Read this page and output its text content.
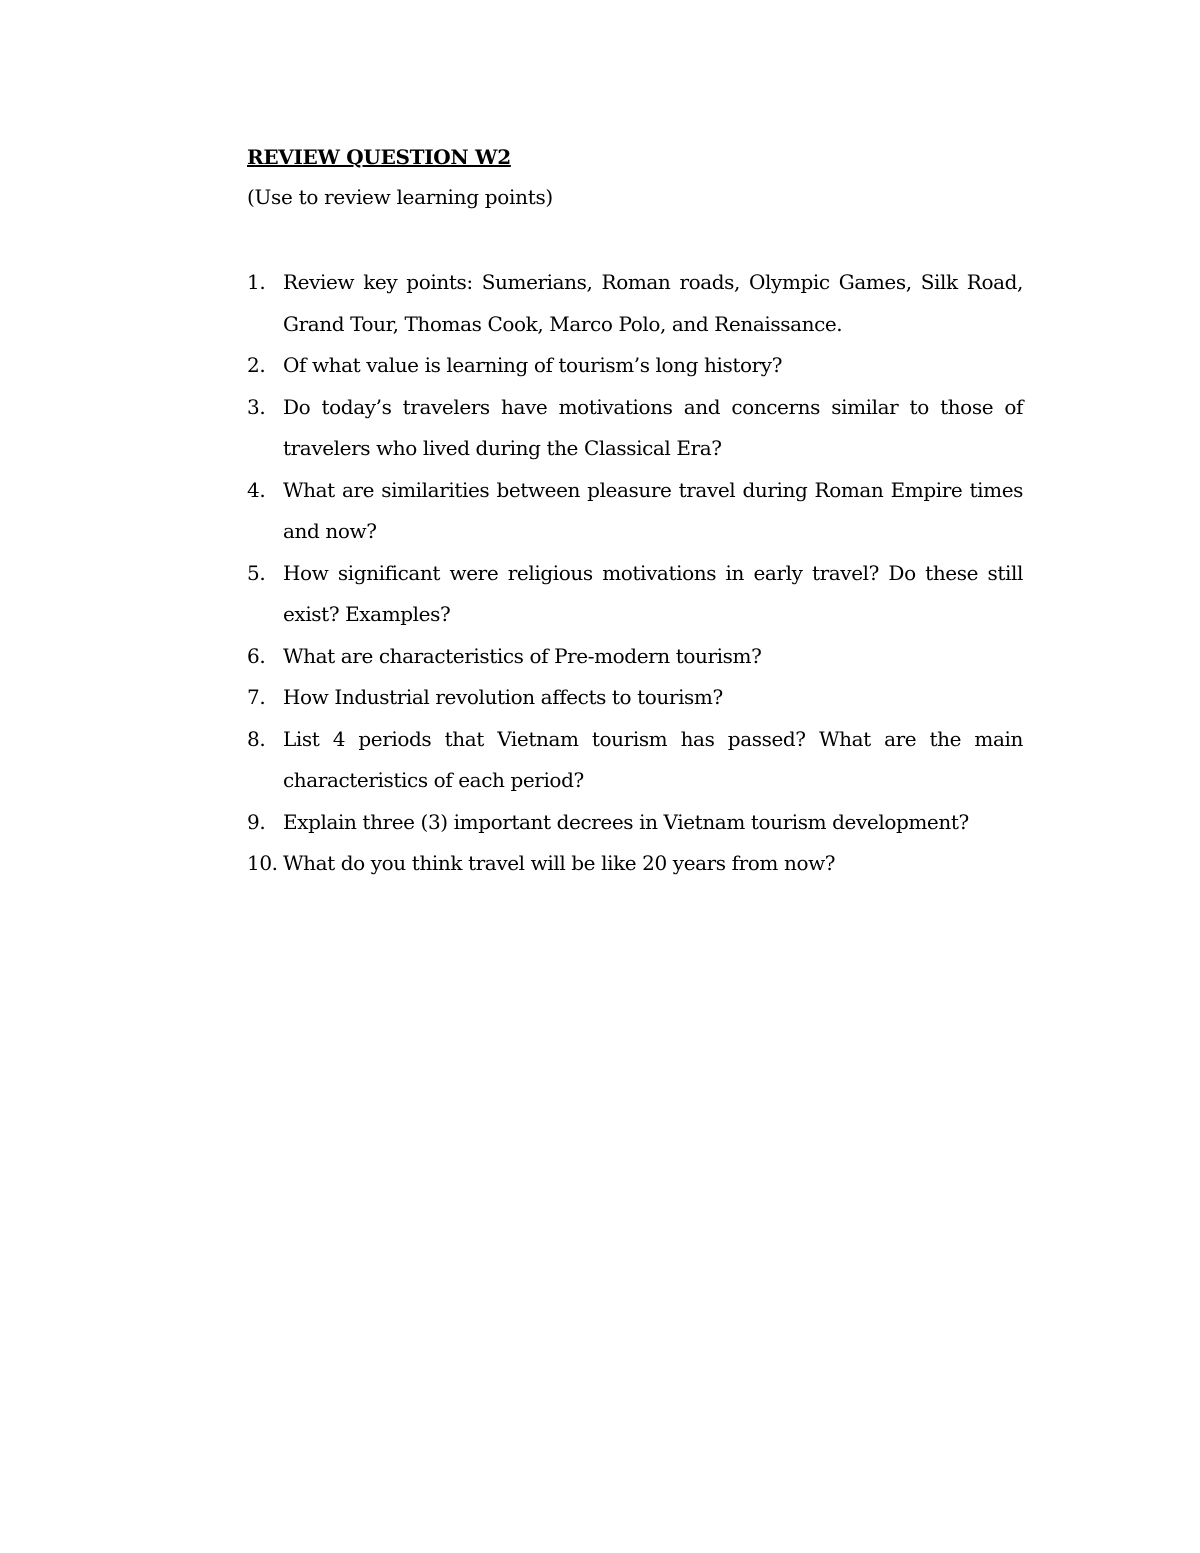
REVIEW QUESTION W2

(Use to review learning points)

1. Review key points: Sumerians, Roman roads, Olympic Games, Silk Road, Grand Tour, Thomas Cook, Marco Polo, and Renaissance.
2. Of what value is learning of tourism’s long history?
3. Do today’s travelers have motivations and concerns similar to those of travelers who lived during the Classical Era?
4. What are similarities between pleasure travel during Roman Empire times and now?
5. How significant were religious motivations in early travel? Do these still exist? Examples?
6. What are characteristics of Pre-modern tourism?
7. How Industrial revolution affects to tourism?
8. List 4 periods that Vietnam tourism has passed? What are the main characteristics of each period?
9. Explain three (3) important decrees in Vietnam tourism development?
10. What do you think travel will be like 20 years from now?
